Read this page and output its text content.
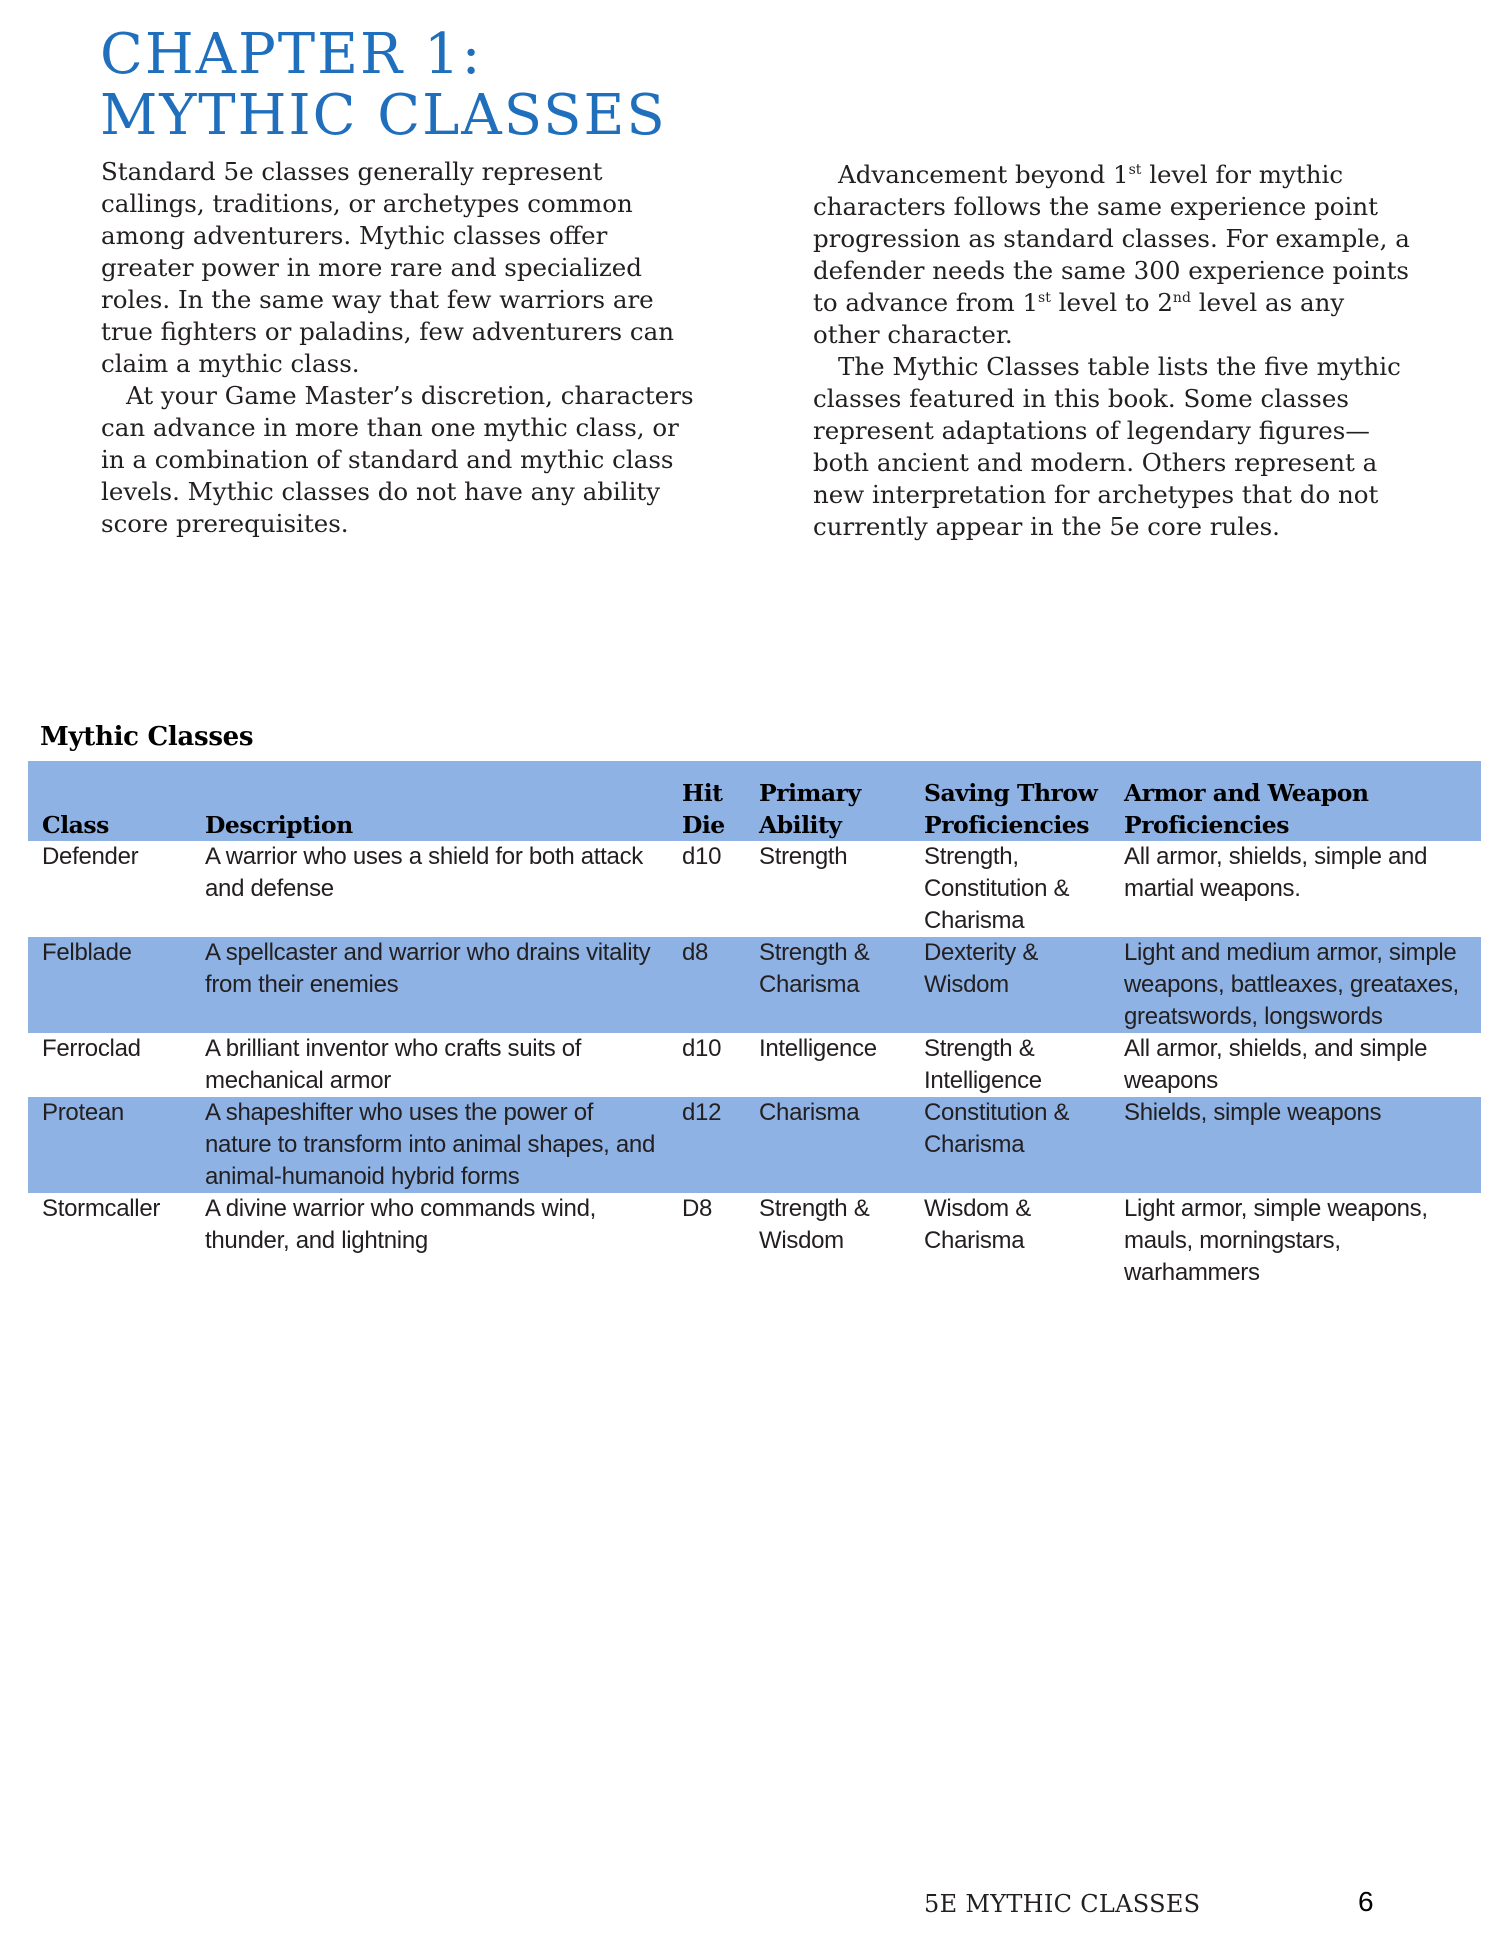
CHAPTER 1:
MYTHIC CLASSES

Standard 5e classes generally represent callings, traditions, or archetypes common among adventurers. Mythic classes offer greater power in more rare and specialized roles. In the same way that few warriors are true fighters or paladins, few adventurers can claim a mythic class.

At your Game Master’s discretion, characters can advance in more than one mythic class, or in a combination of standard and mythic class levels. Mythic classes do not have any ability score prerequisites.

Advancement beyond 1st level for mythic characters follows the same experience point progression as standard classes. For example, a defender needs the same 300 experience points to advance from 1st level to 2nd level as any other character.

The Mythic Classes table lists the five mythic classes featured in this book. Some classes represent adaptations of legendary figures—both ancient and modern. Others represent a new interpretation for archetypes that do not currently appear in the 5e core rules.

Mythic Classes
Class	Description	Hit Die	Primary Ability	Saving Throw Proficiencies	Armor and Weapon Proficiencies
Defender	A warrior who uses a shield for both attack and defense	d10	Strength	Strength, Constitution & Charisma	All armor, shields, simple and martial weapons.
Felblade	A spellcaster and warrior who drains vitality from their enemies	d8	Strength & Charisma	Dexterity & Wisdom	Light and medium armor, simple weapons, battleaxes, greataxes, greatswords, longswords
Ferroclad	A brilliant inventor who crafts suits of mechanical armor	d10	Intelligence	Strength & Intelligence	All armor, shields, and simple weapons
Protean	A shapeshifter who uses the power of nature to transform into animal shapes, and animal-humanoid hybrid forms	d12	Charisma	Constitution & Charisma	Shields, simple weapons
Stormcaller	A divine warrior who commands wind, thunder, and lightning	D8	Strength & Wisdom	Wisdom & Charisma	Light armor, simple weapons, mauls, morningstars, warhammers
5E MYTHIC CLASSES	6
